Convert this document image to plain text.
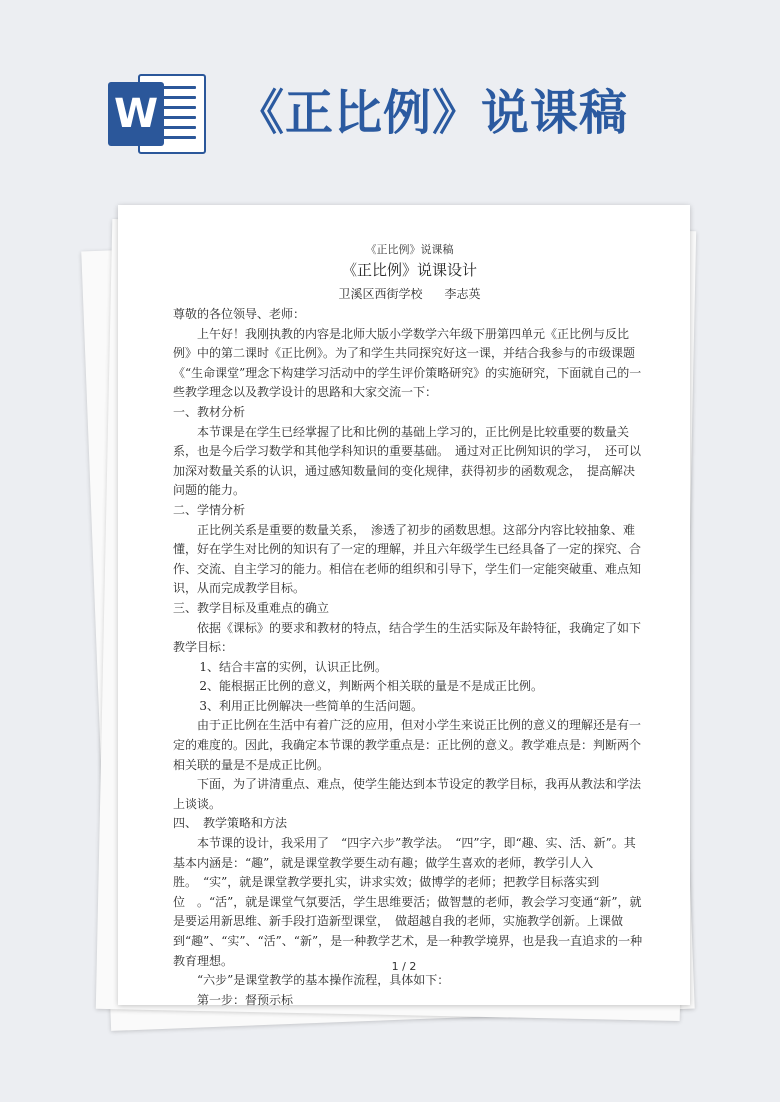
W 《正比例》说课稿

《正比例》说课稿

《正比例》说课设计

卫溪区西街学校 李志英

尊敬的各位领导、老师：

上午好！我刚执教的内容是北师大版小学数学六年级下册第四单元《正比例与反比例》中的第二课时《正比例》。为了和学生共同探究好这一课，并结合我参与的市级课题《“生命课堂”理念下构建学习活动中的学生评价策略研究》的实施研究，下面就自己的一些教学理念以及教学设计的思路和大家交流一下：

一、教材分析

本节课是在学生已经掌握了比和比例的基础上学习的，正比例是比较重要的数量关系，也是今后学习数学和其他学科知识的重要基础。　通过对正比例知识的学习，　还可以加深对数量关系的认识，通过感知数量间的变化规律，获得初步的函数观念，　提高解决问题的能力。

二、学情分析

正比例关系是重要的数量关系，　渗透了初步的函数思想。这部分内容比较抽象、难懂，好在学生对比例的知识有了一定的理解，并且六年级学生已经具备了一定的探究、合作、交流、自主学习的能力。相信在老师的组织和引导下，学生们一定能突破重、难点知识，从而完成教学目标。

三、教学目标及重难点的确立

依据《课标》的要求和教材的特点，结合学生的生活实际及年龄特征，我确定了如下教学目标：

1、结合丰富的实例，认识正比例。

2、能根据正比例的意义，判断两个相关联的量是不是成正比例。

3、利用正比例解决一些简单的生活问题。

由于正比例在生活中有着广泛的应用，但对小学生来说正比例的意义的理解还是有一定的难度的。因此，我确定本节课的教学重点是：正比例的意义。教学难点是：判断两个相关联的量是不是成正比例。

下面，为了讲清重点、难点，使学生能达到本节设定的教学目标，我再从教法和学法上谈谈。

四、　教学策略和方法

本节课的设计，我采用了　“四字六步”教学法。　“四”字，即“趣、实、活、新”。其基本内涵是：“趣”，就是课堂教学要生动有趣；做学生喜欢的老师，教学引人入胜。　“实”，就是课堂教学要扎实，讲求实效；做博学的老师；把教学目标落实到位　。“活”，就是课堂气氛要活，学生思维要活；做智慧的老师，教会学习变通“新”，就是要运用新思维、新手段打造新型课堂，　做超越自我的老师，实施教学创新。上课做到“趣”、“实”、“活”、“新”，是一种教学艺术，是一种教学境界，也是我一直追求的一种教育理想。

“六步”是课堂教学的基本操作流程，具体如下：

第一步：督预示标

1 / 2
